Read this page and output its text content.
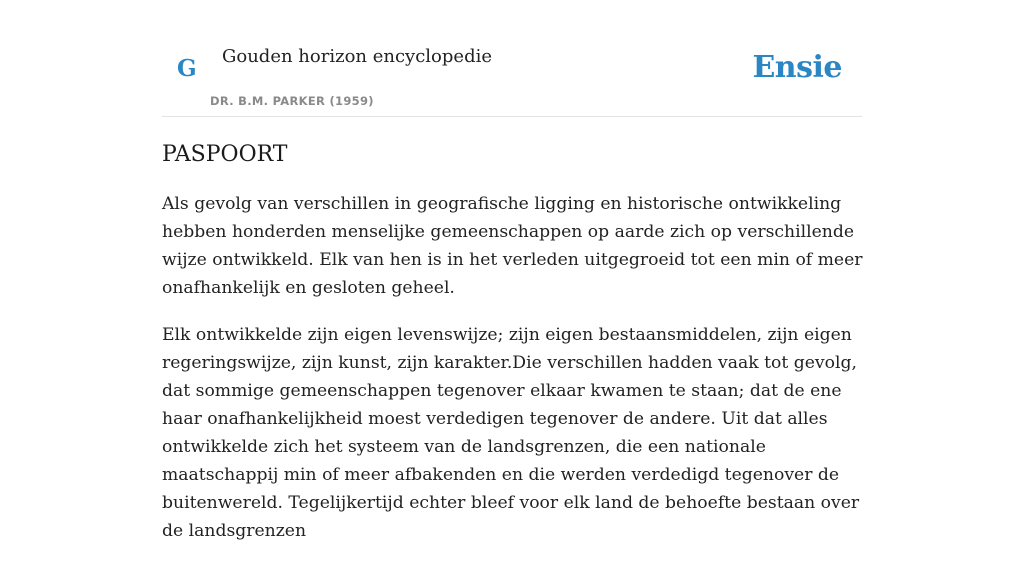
G Gouden horizon encyclopedie
DR. B.M. PARKER (1959)
Ensie
PASPOORT

Als gevolg van verschillen in geografische ligging en historische ontwikkeling hebben honderden menselijke gemeenschappen op aarde zich op verschillende wijze ontwikkeld. Elk van hen is in het verleden uitgegroeid tot een min of meer onafhankelijk en gesloten geheel.

Elk ontwikkelde zijn eigen levenswijze; zijn eigen bestaansmiddelen, zijn eigen regeringswijze, zijn kunst, zijn karakter.Die verschillen hadden vaak tot gevolg, dat sommige gemeenschappen tegenover elkaar kwamen te staan; dat de ene haar onafhankelijkheid moest verdedigen tegenover de andere. Uit dat alles ontwikkelde zich het systeem van de landsgrenzen, die een nationale maatschappij min of meer afbakenden en die werden verdedigd tegenover de buitenwereld. Tegelijkertijd echter bleef voor elk land de behoefte bestaan over de landsgrenzen
